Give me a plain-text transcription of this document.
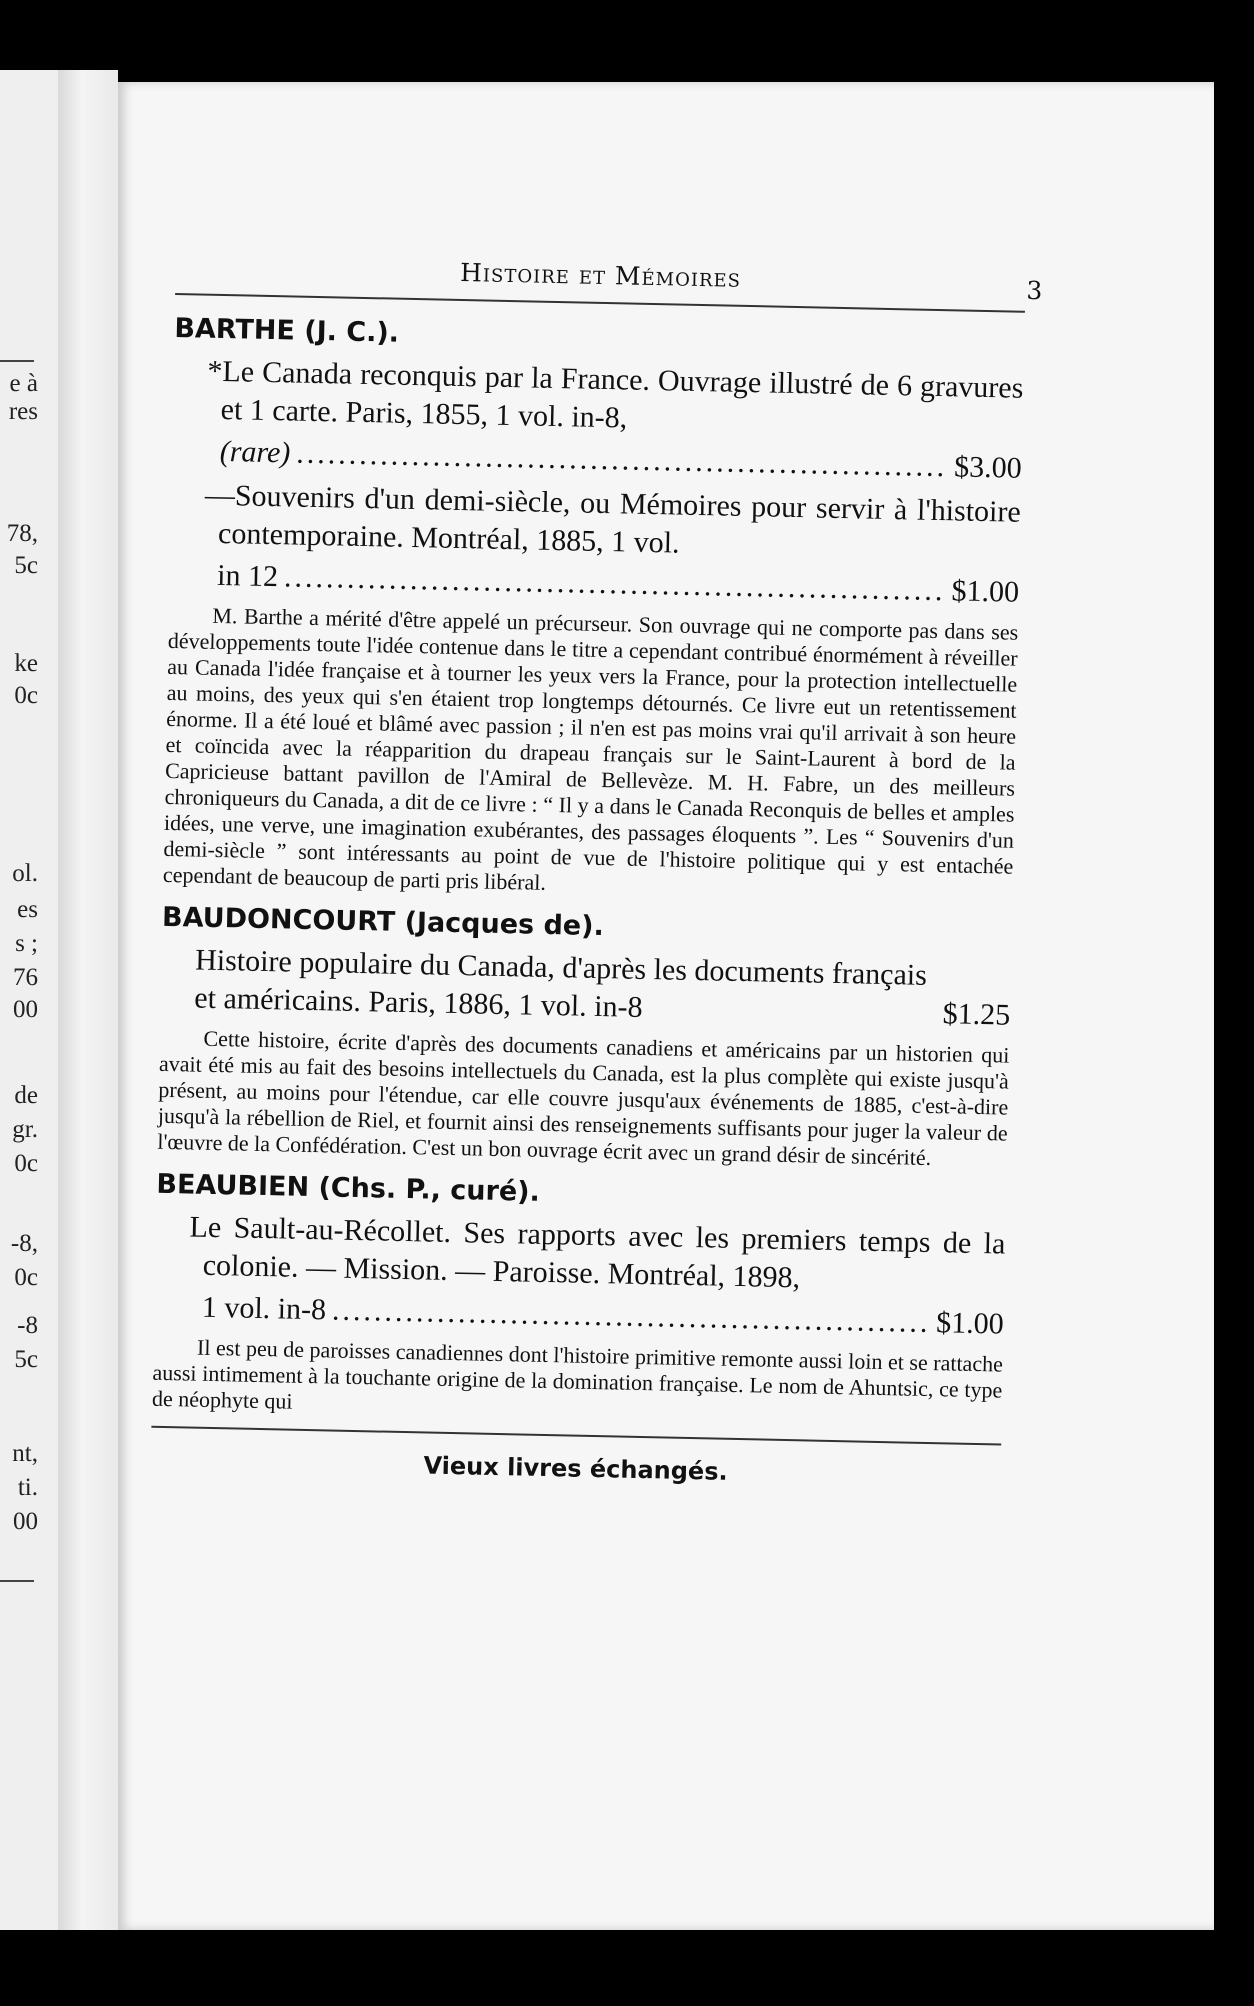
e à
res
78,
5c
ke
0c
ol.
es
s ;
76
00
de
gr.
0c
-8,
0c
-8
5c
nt,
ti.
00
Histoire et Mémoires	3
BARTHE (J. C.).
*Le Canada reconquis par la France. Ouvrage illustré de 6 gravures et 1 carte. Paris, 1855, 1 vol. in-8,
(rare) .....	$3.00
—Souvenirs d'un demi-siècle, ou Mémoires pour servir à l'histoire contemporaine. Montréal, 1885, 1 vol.
in 12 .....	$1.00
M. Barthe a mérité d'être appelé un précurseur. Son ouvrage qui ne comporte pas dans ses développements toute l'idée contenue dans le titre a cependant contribué énormément à réveiller au Canada l'idée française et à tourner les yeux vers la France, pour la protection intellectuelle au moins, des yeux qui s'en étaient trop longtemps détournés. Ce livre eut un retentissement énorme. Il a été loué et blâmé avec passion ; il n'en est pas moins vrai qu'il arrivait à son heure et coïncida avec la réapparition du drapeau français sur le Saint-Laurent à bord de la Capricieuse battant pavillon de l'Amiral de Bellevèze. M. H. Fabre, un des meilleurs chroniqueurs du Canada, a dit de ce livre : “ Il y a dans le Canada Reconquis de belles et amples idées, une verve, une imagination exubérantes, des passages éloquents ”. Les “ Souvenirs d'un demi-siècle ” sont intéressants au point de vue de l'histoire politique qui y est entachée cependant de beaucoup de parti pris libéral.
BAUDONCOURT (Jacques de).
Histoire populaire du Canada, d'après les documents français et américains. Paris, 1886, 1 vol. in-8	$1.25
Cette histoire, écrite d'après des documents canadiens et américains par un historien qui avait été mis au fait des besoins intellectuels du Canada, est la plus complète qui existe jusqu'à présent, au moins pour l'étendue, car elle couvre jusqu'aux événements de 1885, c'est-à-dire jusqu'à la rébellion de Riel, et fournit ainsi des renseignements suffisants pour juger la valeur de l'œuvre de la Confédération. C'est un bon ouvrage écrit avec un grand désir de sincérité.
BEAUBIEN (Chs. P., curé).
Le Sault-au-Récollet. Ses rapports avec les premiers temps de la colonie. — Mission. — Paroisse. Montréal, 1898,
1 vol. in-8 .....	$1.00
Il est peu de paroisses canadiennes dont l'histoire primitive remonte aussi loin et se rattache aussi intimement à la touchante origine de la domination française. Le nom de Ahuntsic, ce type de néophyte qui
Vieux livres échangés.
